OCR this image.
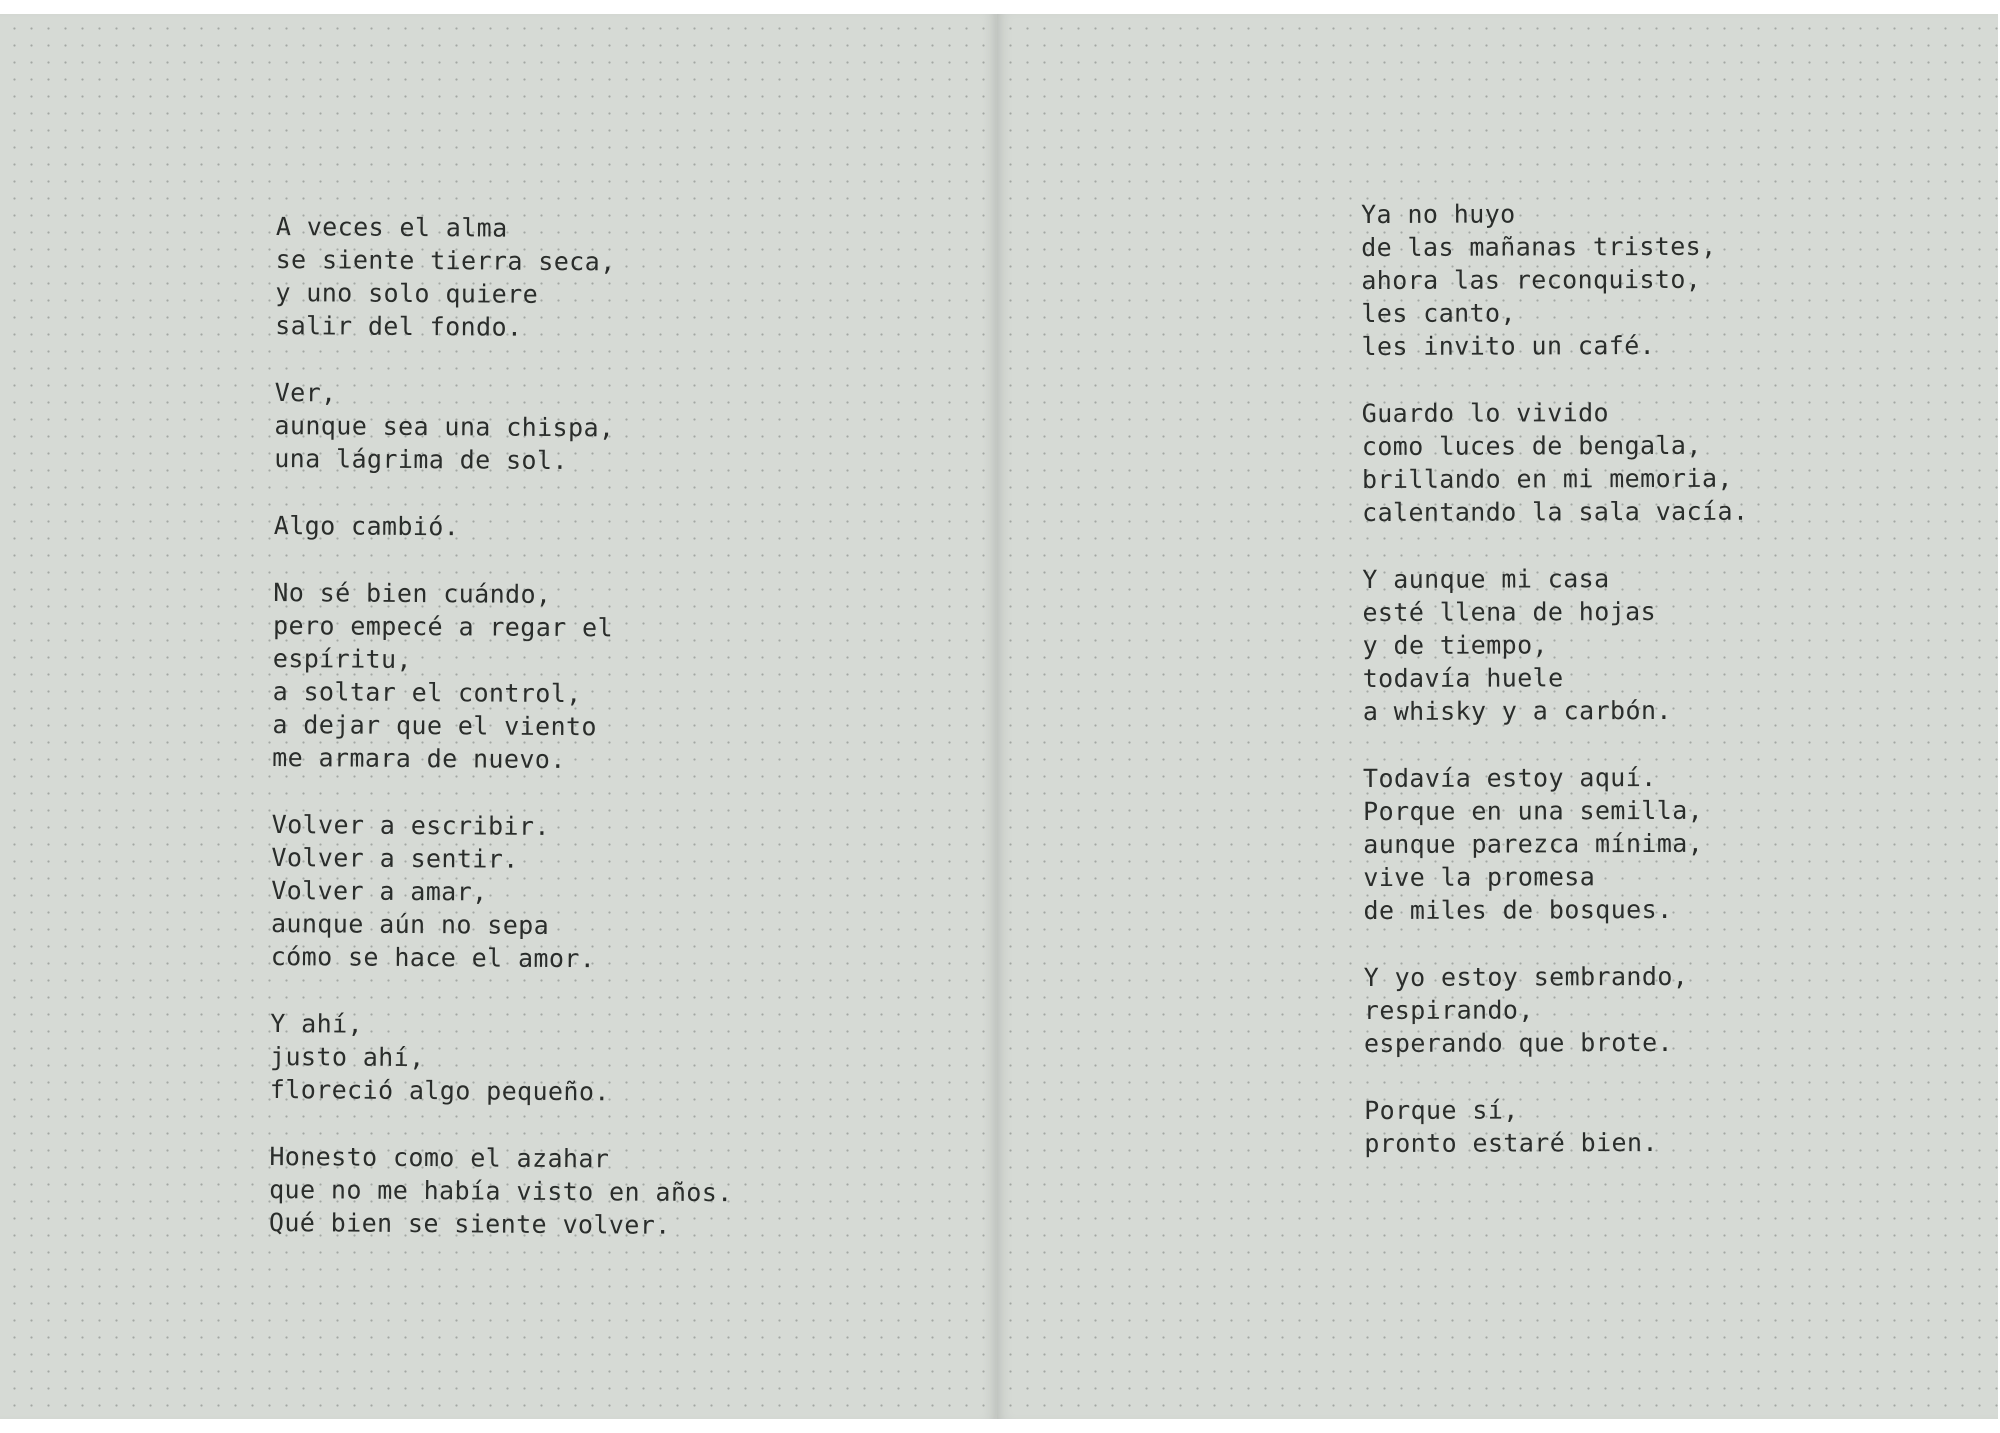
A veces el alma
se siente tierra seca,
y uno solo quiere
salir del fondo.
Ver,
aunque sea una chispa,
una lágrima de sol.
Algo cambió.
No sé bien cuándo,
pero empecé a regar el
espíritu,
a soltar el control,
a dejar que el viento
me armara de nuevo.
Volver a escribir.
Volver a sentir.
Volver a amar,
aunque aún no sepa
cómo se hace el amor.
Y ahí,
justo ahí,
floreció algo pequeño.
Honesto como el azahar
que no me había visto en años.
Qué bien se siente volver.
Ya no huyo
de las mañanas tristes,
ahora las reconquisto,
les canto,
les invito un café.
Guardo lo vivido
como luces de bengala,
brillando en mi memoria,
calentando la sala vacía.
Y aunque mi casa
esté llena de hojas
y de tiempo,
todavía huele
a whisky y a carbón.
Todavía estoy aquí.
Porque en una semilla,
aunque parezca mínima,
vive la promesa
de miles de bosques.
Y yo estoy sembrando,
respirando,
esperando que brote.
Porque sí,
pronto estaré bien.
